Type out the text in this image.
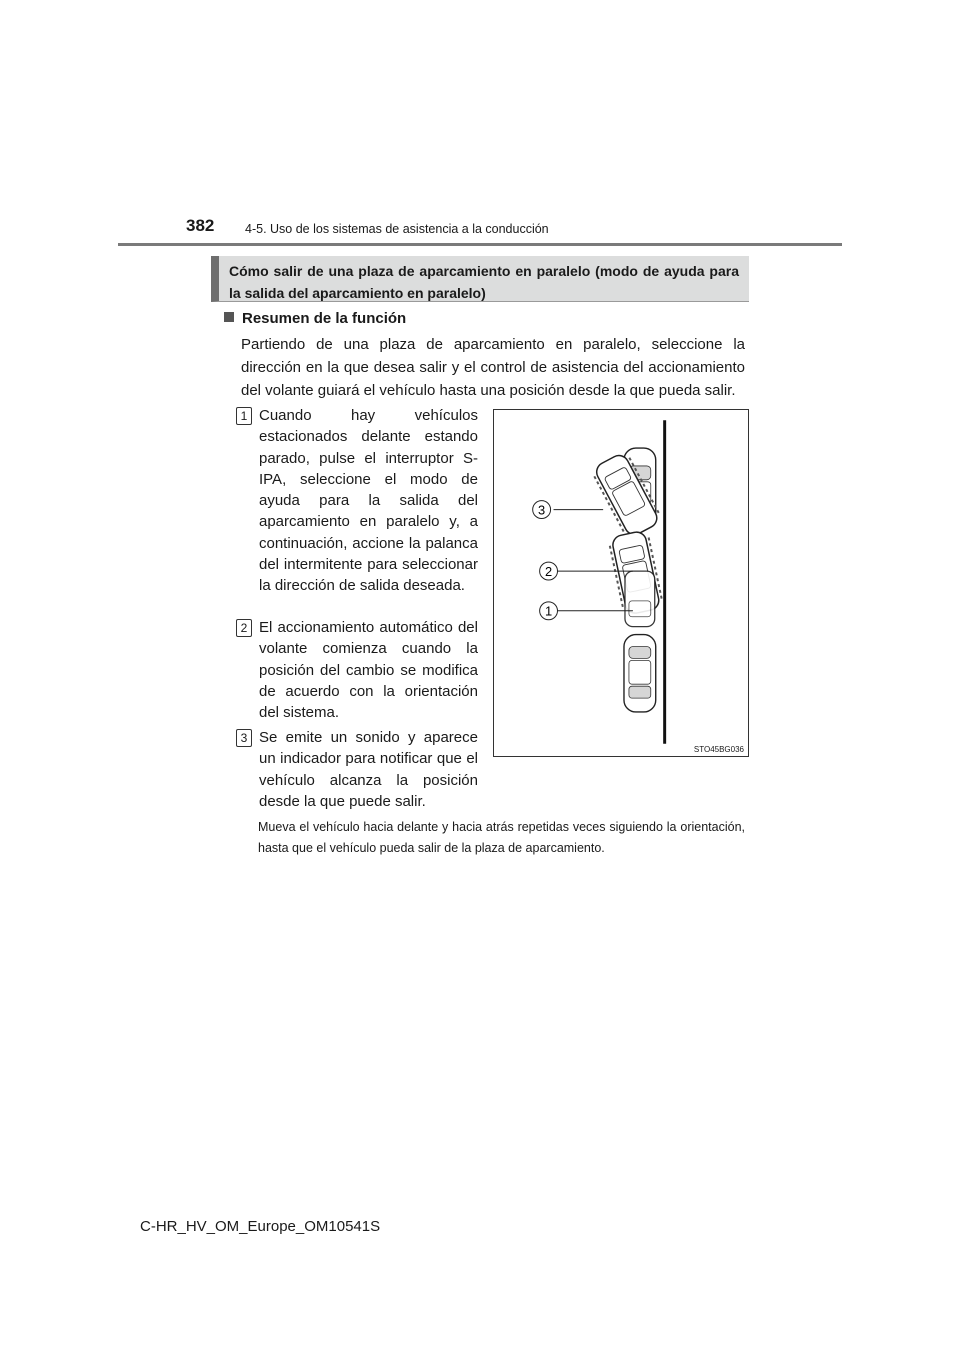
382 4-5. Uso de los sistemas de asistencia a la conducción
Cómo salir de una plaza de aparcamiento en paralelo (modo de ayuda para la salida del aparcamiento en paralelo)
Resumen de la función
Partiendo de una plaza de aparcamiento en paralelo, seleccione la dirección en la que desea salir y el control de asistencia del accionamiento del volante guiará el vehículo hasta una posición desde la que pueda salir.
1 Cuando hay vehículos estacionados delante estando parado, pulse el interruptor S-IPA, seleccione el modo de ayuda para la salida del aparcamiento en paralelo y, a continuación, accione la palanca del intermitente para seleccionar la dirección de salida deseada.
2 El accionamiento automático del volante comienza cuando la posición del cambio se modifica de acuerdo con la orientación del sistema.
3 Se emite un sonido y aparece un indicador para notificar que el vehículo alcanza la posición desde la que puede salir.
3
2
1
STO45BG036
Mueva el vehículo hacia delante y hacia atrás repetidas veces siguiendo la orientación, hasta que el vehículo pueda salir de la plaza de aparcamiento.
C-HR_HV_OM_Europe_OM10541S
